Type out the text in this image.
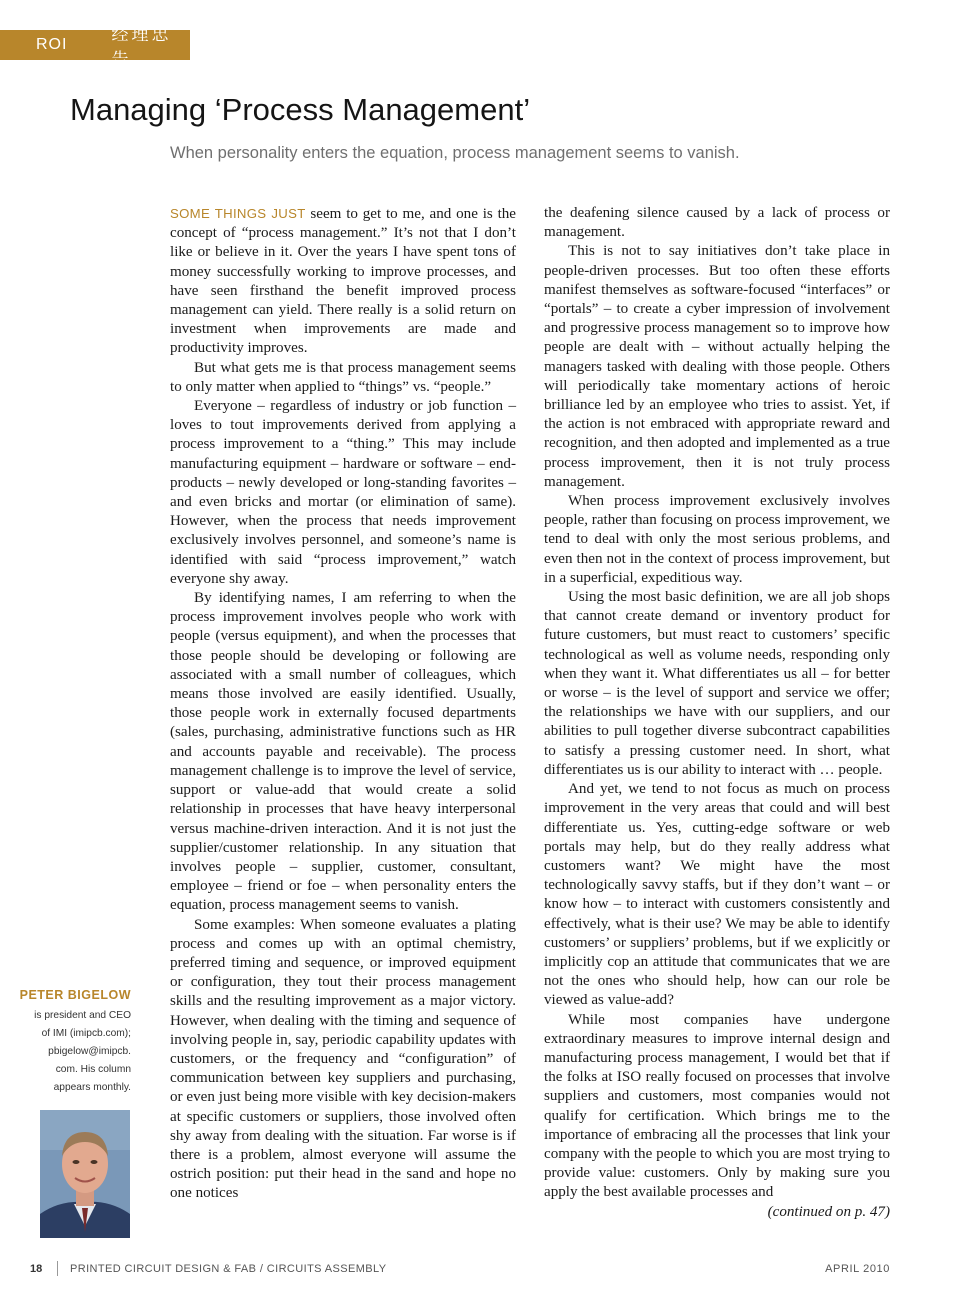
ROI
经理忠告
Managing ‘Process Management’

When personality enters the equation, process management seems to vanish.

SOME THINGS JUST seem to get to me, and one is the concept of “process management.” It’s not that I don’t like or believe in it. Over the years I have spent tons of money successfully working to improve processes, and have seen firsthand the benefit improved process management can yield. There really is a solid return on investment when improvements are made and productivity improves.

But what gets me is that process management seems to only matter when applied to “things” vs. “people.”

Everyone – regardless of industry or job function – loves to tout improvements derived from applying a process improvement to a “thing.” This may include manufacturing equipment – hardware or software – end-products – newly developed or long-standing favorites – and even bricks and mortar (or elimination of same). However, when the process that needs improvement exclusively involves personnel, and someone’s name is identified with said “process improvement,” watch everyone shy away.

By identifying names, I am referring to when the process improvement involves people who work with people (versus equipment), and when the processes that those people should be developing or following are associated with a small number of colleagues, which means those involved are easily identified. Usually, those people work in externally focused departments (sales, purchasing, administrative functions such as HR and accounts payable and receivable). The process management challenge is to improve the level of service, support or value-add that would create a solid relationship in processes that have heavy interpersonal versus machine-driven interaction. And it is not just the supplier/customer relationship. In any situation that involves people – supplier, customer, consultant, employee – friend or foe – when personality enters the equation, process management seems to vanish.

Some examples: When someone evaluates a plating process and comes up with an optimal chemistry, preferred timing and sequence, or improved equipment or configuration, they tout their process management skills and the resulting improvement as a major victory. However, when dealing with the timing and sequence of involving people in, say, periodic capability updates with customers, or the frequency and “configuration” of communication between key suppliers and purchasing, or even just being more visible with key decision-makers at specific customers or suppliers, those involved often shy away from dealing with the situation. Far worse is if there is a problem, almost everyone will assume the ostrich position: put their head in the sand and hope no one notices

the deafening silence caused by a lack of process or management.

This is not to say initiatives don’t take place in people-driven processes. But too often these efforts manifest themselves as software-focused “interfaces” or “portals” – to create a cyber impression of involvement and progressive process management so to improve how people are dealt with – without actually helping the managers tasked with dealing with those people. Others will periodically take momentary actions of heroic brilliance led by an employee who tries to assist. Yet, if the action is not embraced with appropriate reward and recognition, and then adopted and implemented as a true process improvement, then it is not truly process management.

When process improvement exclusively involves people, rather than focusing on process improvement, we tend to deal with only the most serious problems, and even then not in the context of process improvement, but in a superficial, expeditious way.

Using the most basic definition, we are all job shops that cannot create demand or inventory product for future customers, but must react to customers’ specific technological as well as volume needs, responding only when they want it. What differentiates us all – for better or worse – is the level of support and service we offer; the relationships we have with our suppliers, and our abilities to pull together diverse subcontract capabilities to satisfy a pressing customer need. In short, what differentiates us is our ability to interact with … people.

And yet, we tend to not focus as much on process improvement in the very areas that could and will best differentiate us. Yes, cutting-edge software or web portals may help, but do they really address what customers want? We might have the most technologically savvy staffs, but if they don’t want – or know how – to interact with customers consistently and effectively, what is their use? We may be able to identify customers’ or suppliers’ problems, but if we explicitly or implicitly cop an attitude that communicates that we are not the ones who should help, how can our role be viewed as value-add?

While most companies have undergone extraordinary measures to improve internal design and manufacturing process management, I would bet that if the folks at ISO really focused on processes that involve suppliers and customers, most companies would not qualify for certification. Which brings me to the importance of embracing all the processes that link your company with the people to which you are most trying to provide value: customers. Only by making sure you apply the best available processes and

(continued on p. 47)
PETER BIGELOW
is president and CEO
of IMI (imipcb.com);
pbigelow@imipcb.
com. His column
appears monthly.
18	PRINTED CIRCUIT DESIGN & FAB / CIRCUITS ASSEMBLY	APRIL 2010
